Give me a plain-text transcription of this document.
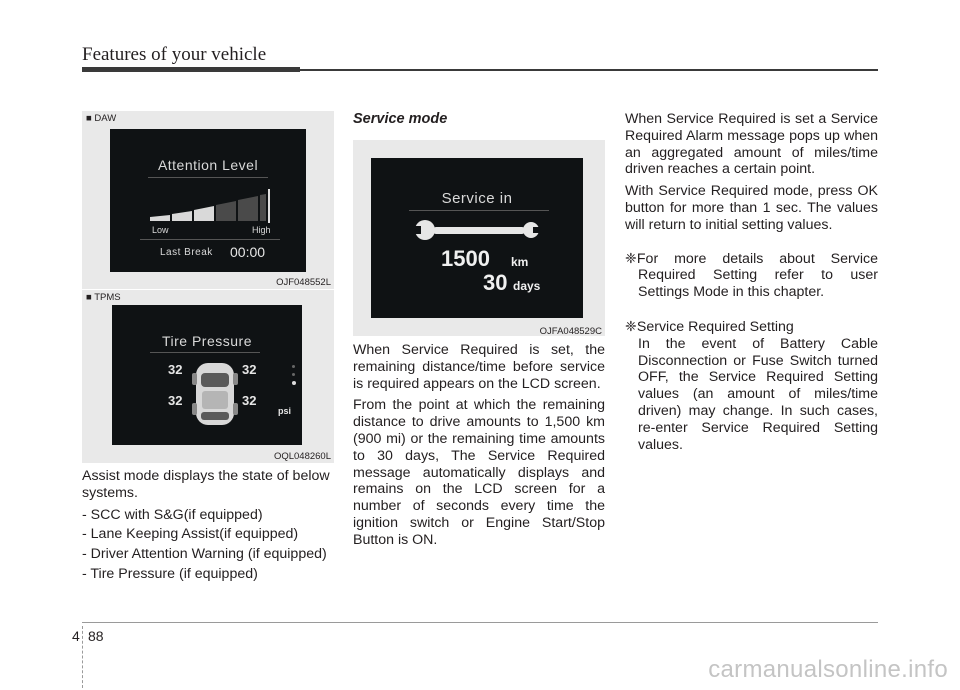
Features of your vehicle
■ DAW
Attention Level
Low	High
Last Break 00:00
OJF048552L
■ TPMS
Tire Pressure
32	32
32	32
psi
OQL048260L

Assist mode displays the state of below systems.

- SCC with S&G(if equipped)
- Lane Keeping Assist(if equipped)
- Driver Attention Warning (if equipped)
- Tire Pressure (if equipped)
Service mode
Service in
1500 km
30 days
OJFA048529C

When Service Required is set, the remaining distance/time before service is required appears on the LCD screen.

From the point at which the remaining distance to drive amounts to 1,500 km (900 mi) or the remaining time amounts to 30 days, The Service Required message automatically displays and remains on the LCD screen for a number of seconds every time the ignition switch or Engine Start/Stop Button is ON.

When Service Required is set a Service Required Alarm message pops up when an aggregated amount of miles/time driven reaches a certain point.

With Service Required mode, press OK button for more than 1 sec. The values will return to initial setting values.

❈For more details about Service Required Setting refer to user Settings Mode in this chapter.
❈Service Required Setting
In the event of Battery Cable Disconnection or Fuse Switch turned OFF, the Service Required Setting values (an amount of miles/time driven) may change. In such cases, re-enter Service Required Setting values.
4 88
carmanualsonline.info
